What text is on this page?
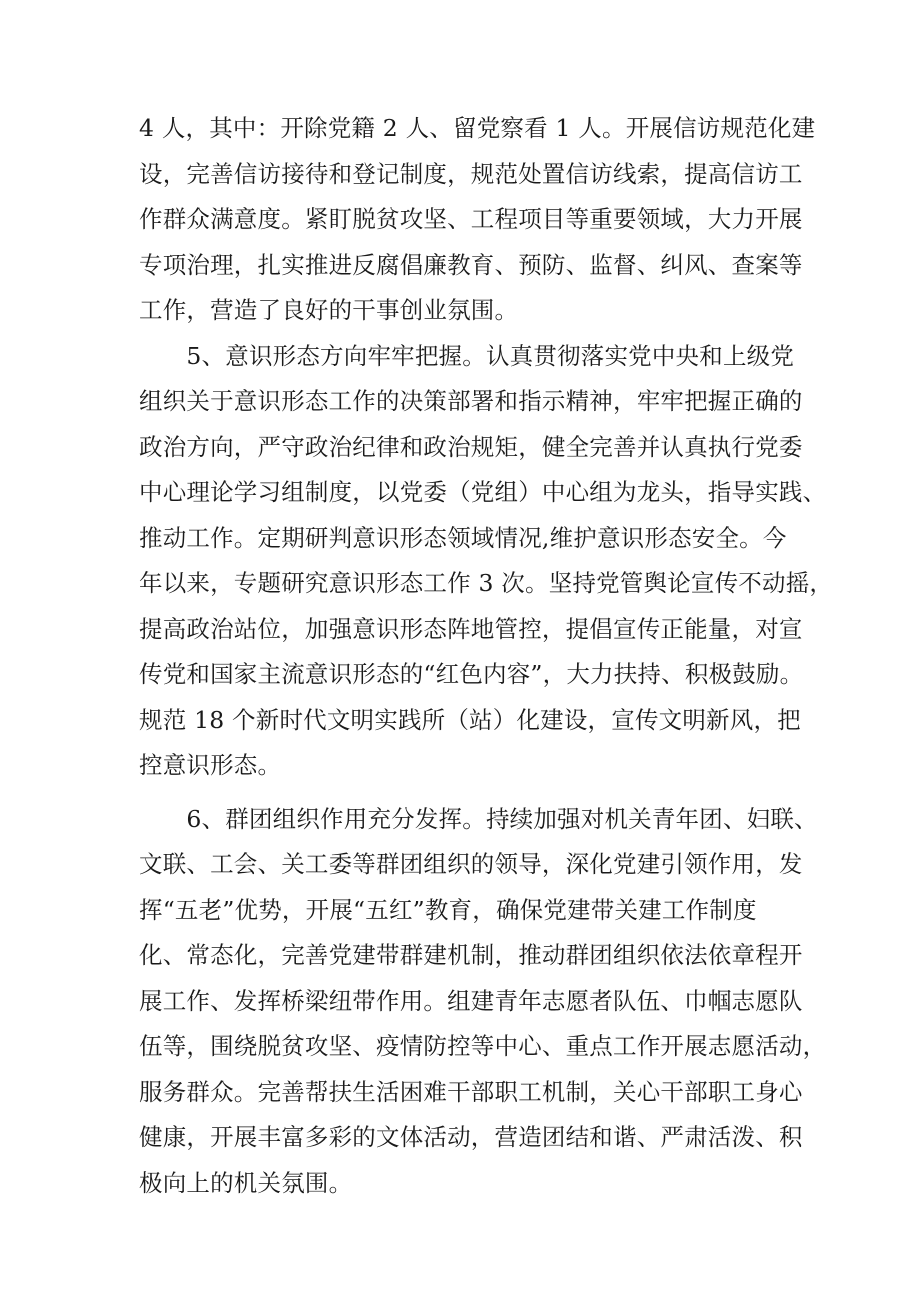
4 人，其中：开除党籍 2 人、留党察看 1 人。开展信访规范化建
设，完善信访接待和登记制度，规范处置信访线索，提高信访工
作群众满意度。紧盯脱贫攻坚、工程项目等重要领域，大力开展
专项治理，扎实推进反腐倡廉教育、预防、监督、纠风、查案等
工作，营造了良好的干事创业氛围。
　　5、意识形态方向牢牢把握。认真贯彻落实党中央和上级党
组织关于意识形态工作的决策部署和指示精神，牢牢把握正确的
政治方向，严守政治纪律和政治规矩，健全完善并认真执行党委
中心理论学习组制度，以党委（党组）中心组为龙头，指导实践、
推动工作。定期研判意识形态领域情况,维护意识形态安全。今
年以来，专题研究意识形态工作 3 次。坚持党管舆论宣传不动摇，
提高政治站位，加强意识形态阵地管控，提倡宣传正能量，对宣
传党和国家主流意识形态的“红色内容”，大力扶持、积极鼓励。
规范 18 个新时代文明实践所（站）化建设，宣传文明新风，把
控意识形态。
　　6、群团组织作用充分发挥。持续加强对机关青年团、妇联、
文联、工会、关工委等群团组织的领导，深化党建引领作用，发
挥“五老”优势，开展“五红”教育，确保党建带关建工作制度
化、常态化，完善党建带群建机制，推动群团组织依法依章程开
展工作、发挥桥梁纽带作用。组建青年志愿者队伍、巾帼志愿队
伍等，围绕脱贫攻坚、疫情防控等中心、重点工作开展志愿活动，
服务群众。完善帮扶生活困难干部职工机制，关心干部职工身心
健康，开展丰富多彩的文体活动，营造团结和谐、严肃活泼、积
极向上的机关氛围。
